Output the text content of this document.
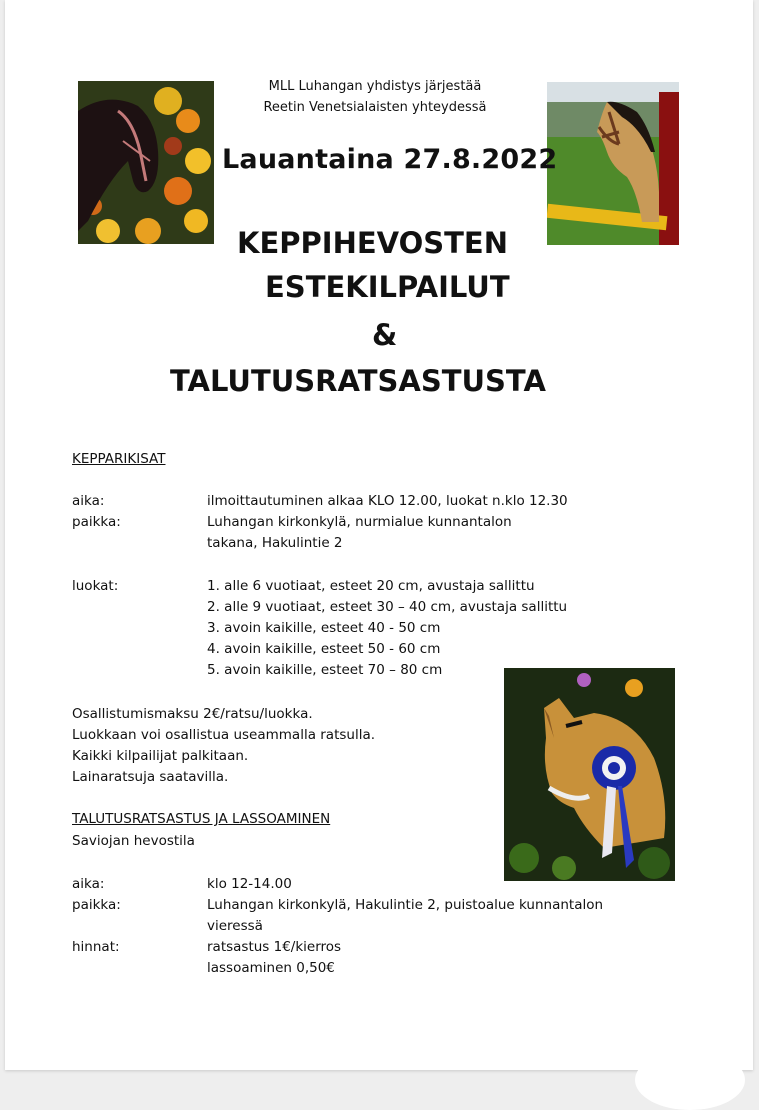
MLL Luhangan yhdistys järjestää
Reetin Venetsialaisten yhteydessä
Lauantaina 27.8.2022
KEPPIHEVOSTEN
ESTEKILPAILUT
&
TALUTUSRATSASTUSTA
KEPPARIKISAT
aika:	ilmoittautuminen alkaa KLO 12.00, luokat n.klo 12.30
paikka:	Luhangan kirkonkylä, nurmialue kunnantalon
takana, Hakulintie 2
luokat:	1. alle 6 vuotiaat, esteet 20 cm, avustaja sallittu
2. alle 9 vuotiaat, esteet 30 – 40 cm, avustaja sallittu
3. avoin kaikille, esteet 40 - 50 cm
4. avoin kaikille, esteet 50 - 60 cm
5. avoin kaikille, esteet 70 – 80 cm
Osallistumismaksu 2€/ratsu/luokka.
Luokkaan voi osallistua useammalla ratsulla.
Kaikki kilpailijat palkitaan.
Lainaratsuja saatavilla.
TALUTUSRATSASTUS JA LASSOAMINEN
Saviojan hevostila
aika:	klo 12-14.00
paikka:	Luhangan kirkonkylä, Hakulintie 2, puistoalue kunnantalon
vieressä
hinnat:	ratsastus 1€/kierros
lassoaminen 0,50€
